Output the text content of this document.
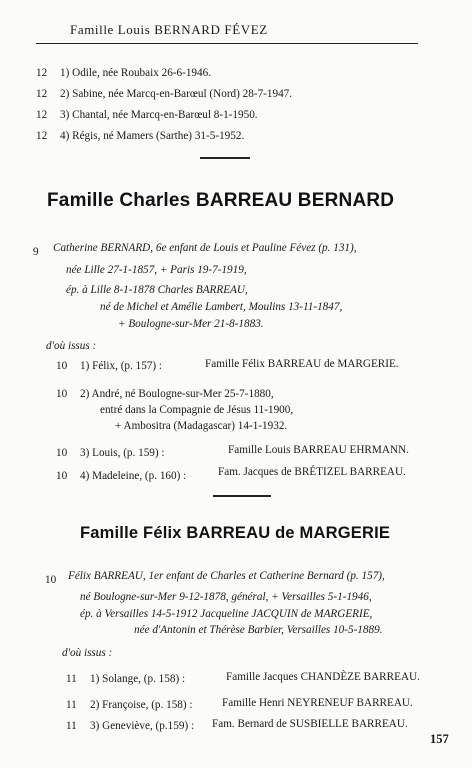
Famille Louis BERNARD FÉVEZ
12 1) Odile, née Roubaix 26-6-1946.
12 2) Sabine, née Marcq-en-Barœul (Nord) 28-7-1947.
12 3) Chantal, née Marcq-en-Barœul 8-1-1950.
12 4) Régis, né Mamers (Sarthe) 31-5-1952.
Famille Charles BARREAU BERNARD
9 Catherine BERNARD, 6e enfant de Louis et Pauline Févez (p. 131),
née Lille 27-1-1857, + Paris 19-7-1919,
ép. à Lille 8-1-1878 Charles BARREAU,
né de Michel et Amélie Lambert, Moulins 13-11-1847,
+ Boulogne-sur-Mer 21-8-1883.
d'où issus :
10 1) Félix, (p. 157) :	Famille Félix BARREAU de MARGERIE.
10 2) André, né Boulogne-sur-Mer 25-7-1880,
entré dans la Compagnie de Jésus 11-1900,
+ Ambositra (Madagascar) 14-1-1932.
10 3) Louis, (p. 159) :	Famille Louis BARREAU EHRMANN.
10 4) Madeleine, (p. 160) :	Fam. Jacques de BRÉTIZEL BARREAU.
Famille Félix BARREAU de MARGERIE
10 Félix BARREAU, 1er enfant de Charles et Catherine Bernard (p. 157),
né Boulogne-sur-Mer 9-12-1878, général, + Versailles 5-1-1946,
ép. à Versailles 14-5-1912 Jacqueline JACQUIN de MARGERIE,
née d'Antonin et Thérèse Barbier, Versailles 10-5-1889.
d'où issus :
11 1) Solange, (p. 158) :	Famille Jacques CHANDÈZE BARREAU.
11 2) Françoise, (p. 158) :	Famille Henri NEYRENEUF BARREAU.
11 3) Geneviève, (p.159) : Fam. Bernard de SUSBIELLE BARREAU.
157
